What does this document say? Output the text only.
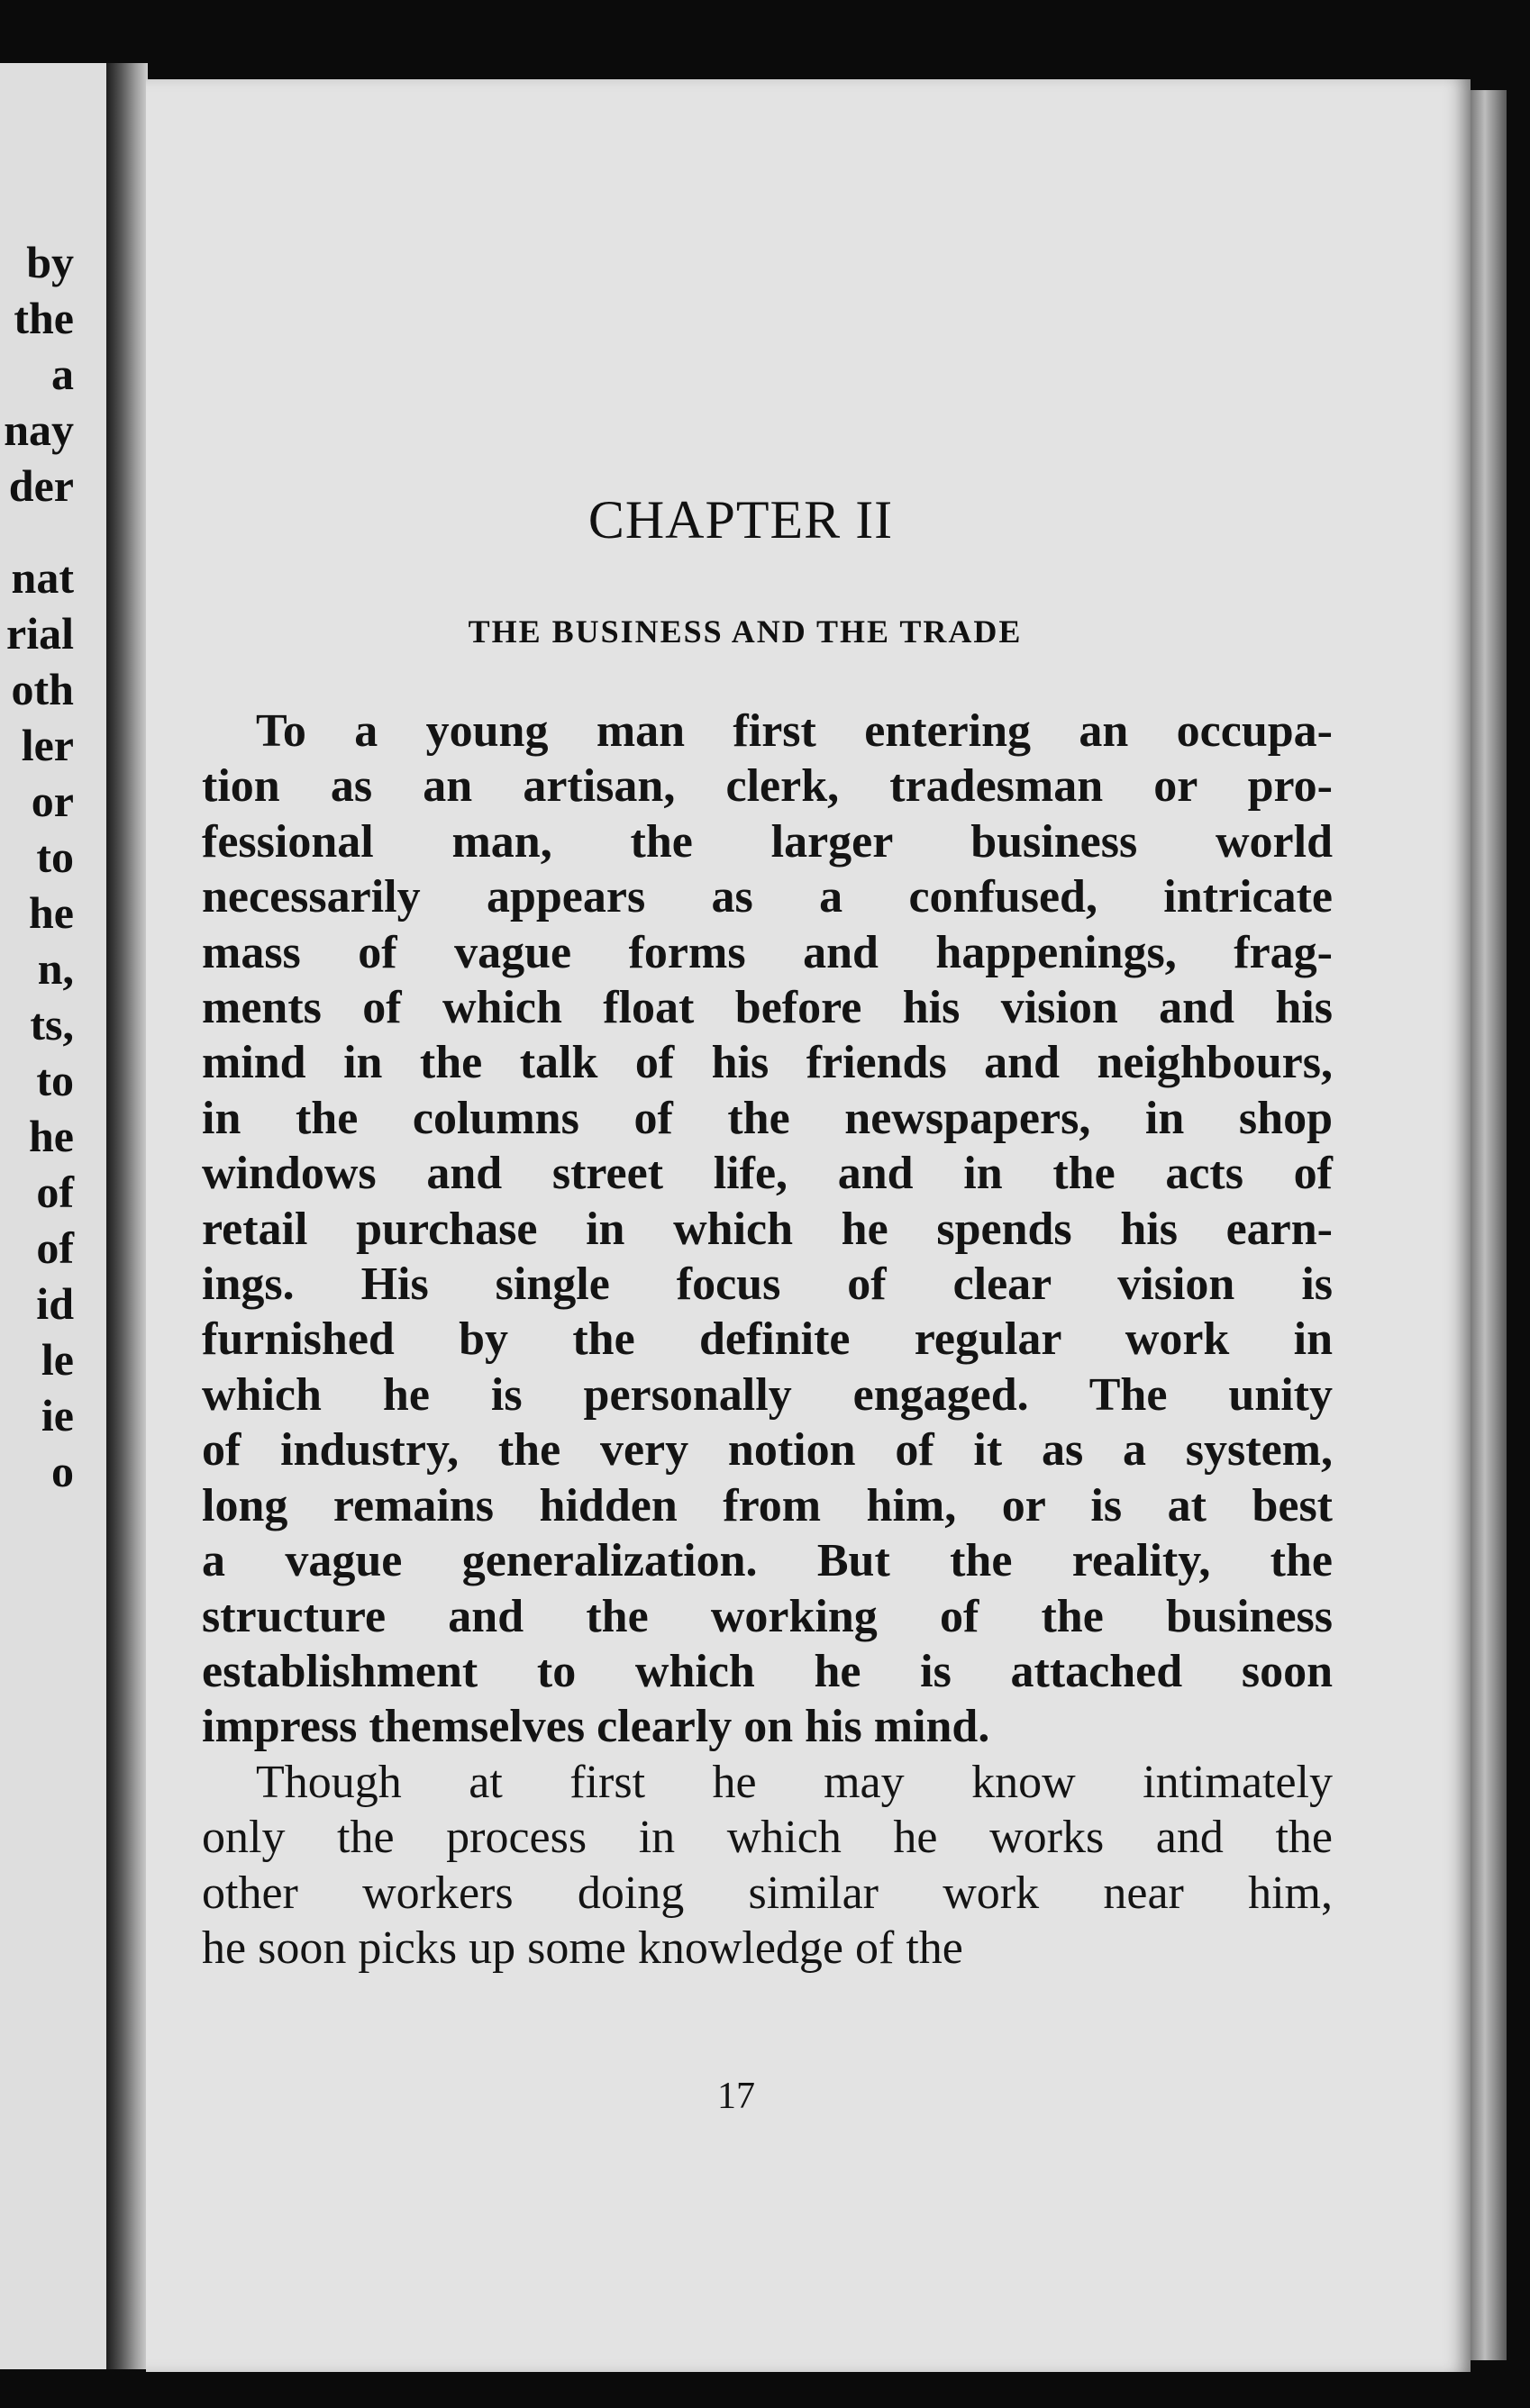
by
the
a
nay
der
nat
rial
oth
ler
or
to
he
n,
ts,
to
he
of
of
id
le
ie
o
CHAPTER II
THE BUSINESS AND THE TRADE

To a young man first entering an occupa-
tion as an artisan, clerk, tradesman or pro-
fessional man, the larger business world
necessarily appears as a confused, intricate
mass of vague forms and happenings, frag-
ments of which float before his vision and his
mind in the talk of his friends and neighbours,
in the columns of the newspapers, in shop
windows and street life, and in the acts of
retail purchase in which he spends his earn-
ings. His single focus of clear vision is
furnished by the definite regular work in
which he is personally engaged. The unity
of industry, the very notion of it as a system,
long remains hidden from him, or is at best
a vague generalization. But the reality, the
structure and the working of the business
establishment to which he is attached soon
impress themselves clearly on his mind.

Though at first he may know intimately
only the process in which he works and the
other workers doing similar work near him,
he soon picks up some knowledge of the

17
